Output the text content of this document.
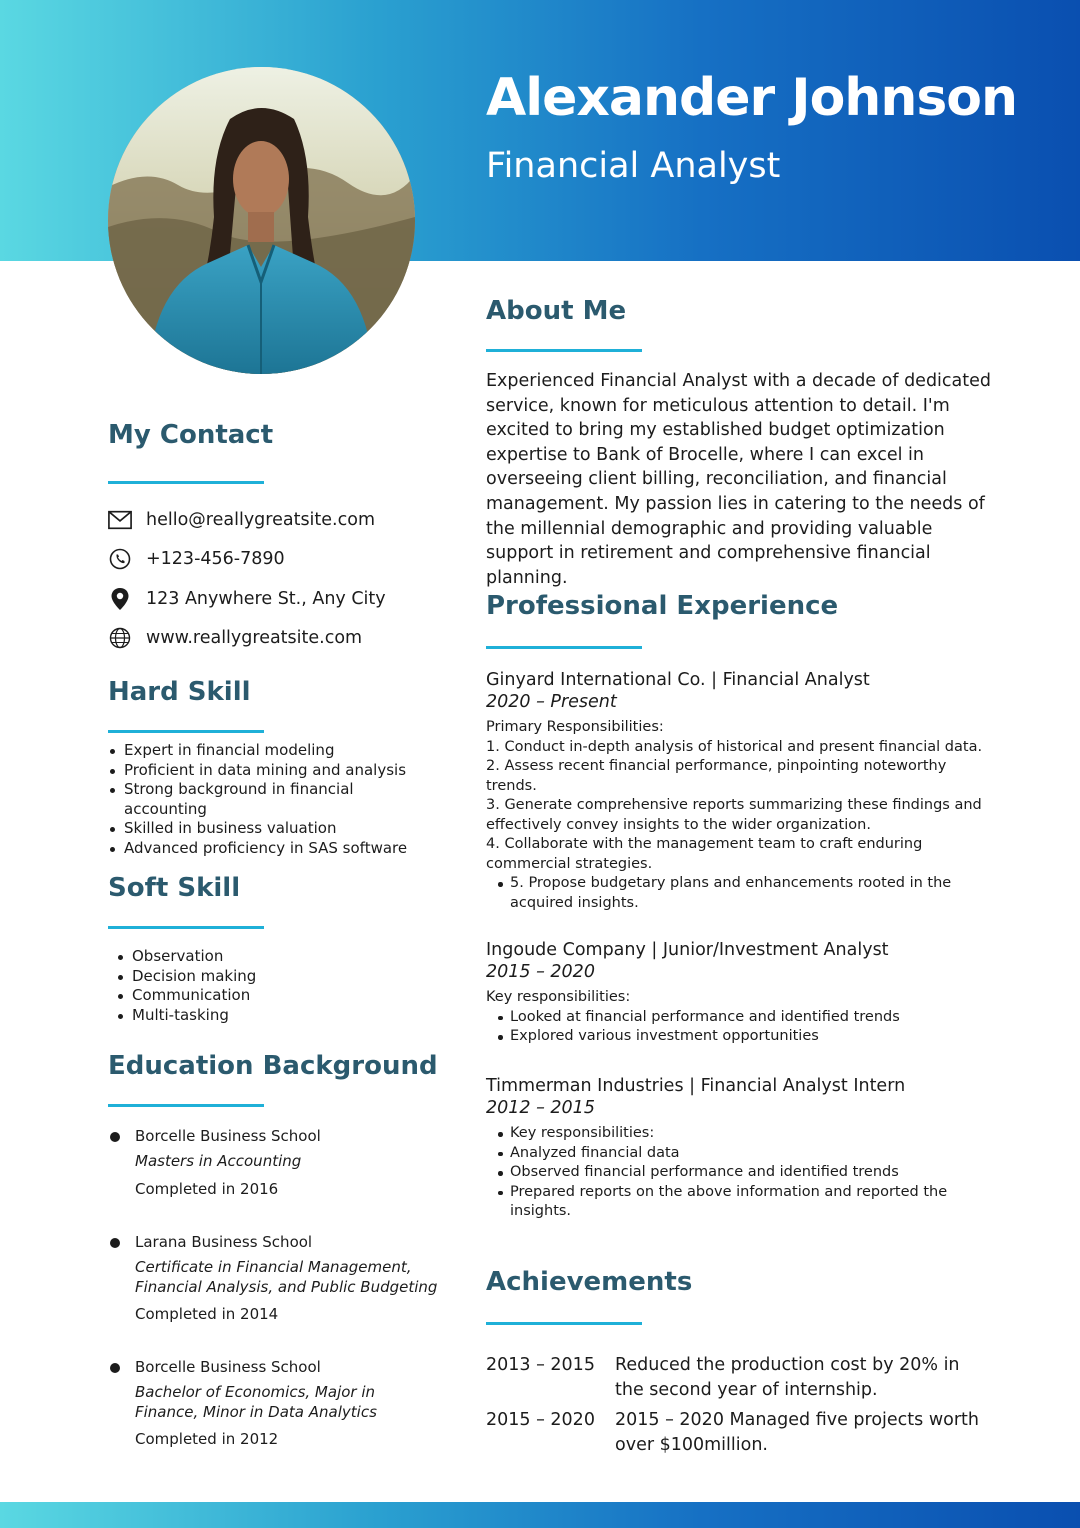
Alexander Johnson
Financial Analyst
My Contact
hello@reallygreatsite.com
+123-456-7890
123 Anywhere St., Any City
www.reallygreatsite.com
Hard Skill
Expert in financial modeling
Proficient in data mining and analysis
Strong background in financial accounting
Skilled in business valuation
Advanced proficiency in SAS software
Soft Skill
Observation
Decision making
Communication
Multi-tasking
Education Background
Borcelle Business School
Masters in Accounting
Completed in 2016
Larana Business School
Certificate in Financial Management, Financial Analysis, and Public Budgeting
Completed in 2014
Borcelle Business School
Bachelor of Economics, Major in Finance, Minor in Data Analytics
Completed in 2012
About Me
Experienced Financial Analyst with a decade of dedicated service, known for meticulous attention to detail. I'm excited to bring my established budget optimization expertise to Bank of Brocelle, where I can excel in overseeing client billing, reconciliation, and financial management. My passion lies in catering to the needs of the millennial demographic and providing valuable support in retirement and comprehensive financial planning.
Professional Experience
Ginyard International Co. | Financial Analyst
2020 – Present
Primary Responsibilities:
1. Conduct in-depth analysis of historical and present financial data.
2. Assess recent financial performance, pinpointing noteworthy trends.
3. Generate comprehensive reports summarizing these findings and effectively convey insights to the wider organization.
4. Collaborate with the management team to craft enduring commercial strategies.
5. Propose budgetary plans and enhancements rooted in the acquired insights.
Ingoude Company | Junior/Investment Analyst
2015 – 2020
Key responsibilities:
Looked at financial performance and identified trends
Explored various investment opportunities
Timmerman Industries | Financial Analyst Intern
2012 – 2015
Key responsibilities:
Analyzed financial data
Observed financial performance and identified trends
Prepared reports on the above information and reported the insights.
Achievements
2013 – 2015	Reduced the production cost by 20% in the second year of internship.
2015 – 2020	2015 – 2020 Managed five projects worth over $100million.
